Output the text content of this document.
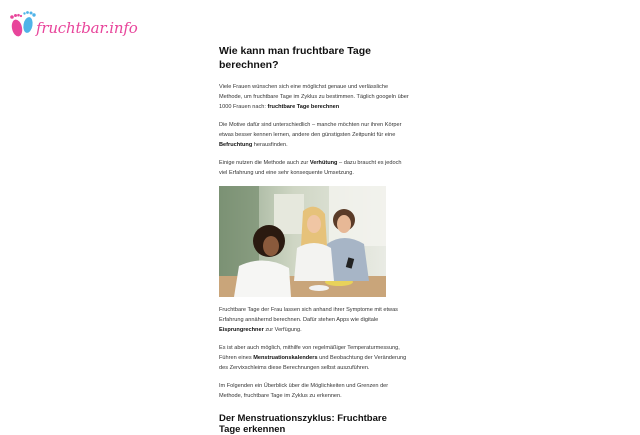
fruchtbar.info
Wie kann man fruchtbare Tage berechnen?

Viele Frauen wünschen sich eine möglichst genaue und verlässliche Methode, um fruchtbare Tage im Zyklus zu bestimmen. Täglich googeln über 1000 Frauen nach: fruchtbare Tage berechnen

Die Motive dafür sind unterschiedlich – manche möchten nur ihren Körper etwas besser kennen lernen, andere den günstigsten Zeitpunkt für eine Befruchtung herausfinden.

Einige nutzen die Methode auch zur Verhütung – dazu braucht es jedoch viel Erfahrung und eine sehr konsequente Umsetzung.

Fruchtbare Tage der Frau lassen sich anhand ihrer Symptome mit etwas Erfahrung annähernd berechnen. Dafür stehen Apps wie digitale Eisprungrechner zur Verfügung.

Es ist aber auch möglich, mithilfe von regelmäßiger Temperaturmessung, Führen eines Menstruationskalenders und Beobachtung der Veränderung des Zervixschleims diese Berechnungen selbst auszuführen.

Im Folgenden ein Überblick über die Möglichkeiten und Grenzen der Methode, fruchtbare Tage im Zyklus zu erkennen.

Der Menstruationszyklus: Fruchtbare Tage erkennen
